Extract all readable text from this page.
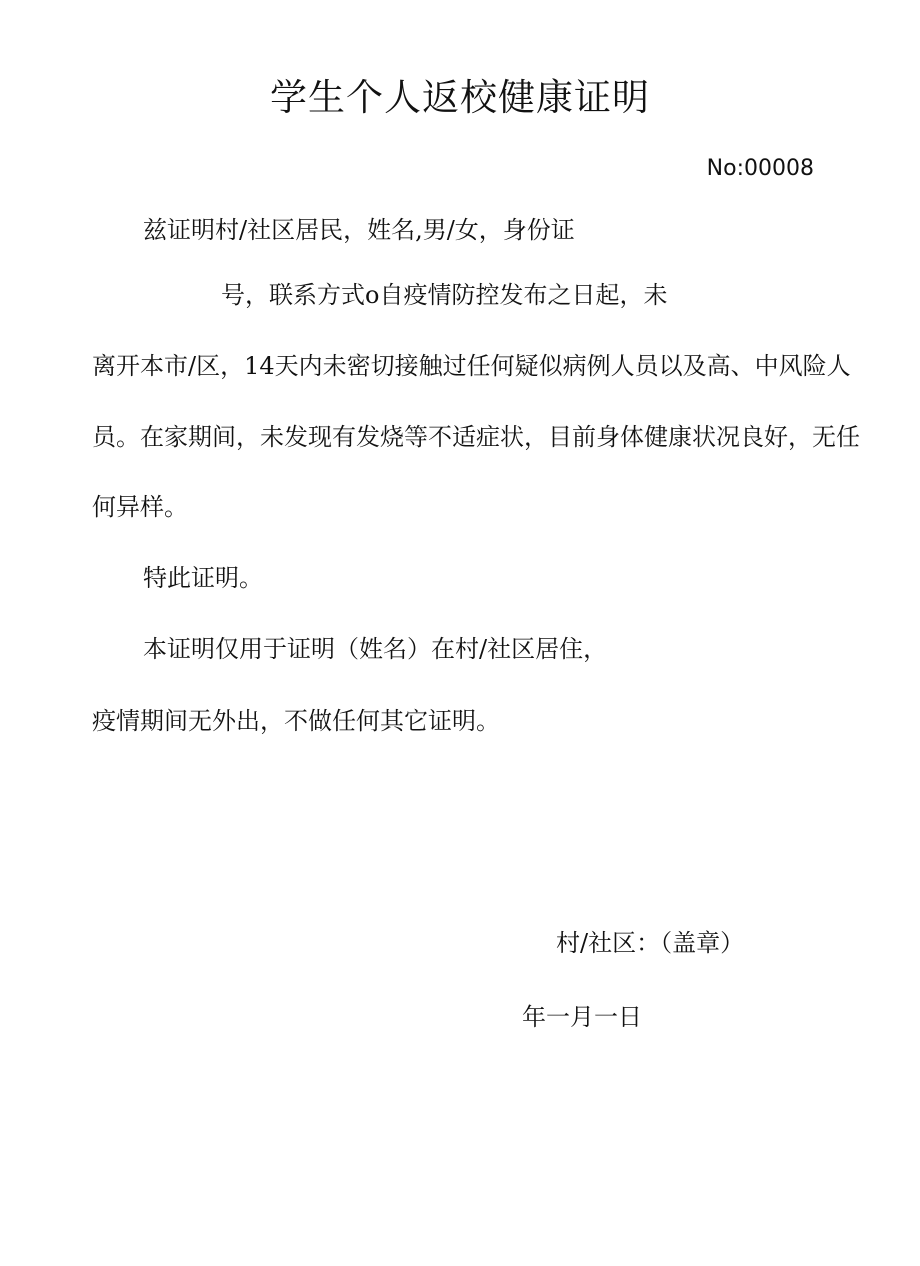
学生个人返校健康证明
No:00008
兹证明村/社区居民，姓名,男/女，身份证
号，联系方式o自疫情防控发布之日起，未
离开本市/区，14天内未密切接触过任何疑似病例人员以及高、中风险人
员。在家期间，未发现有发烧等不适症状，目前身体健康状况良好，无任
何异样。
特此证明。
本证明仅用于证明（姓名）在村/社区居住，
疫情期间无外出，不做任何其它证明。
村/社区：（盖章）
年一月一日
